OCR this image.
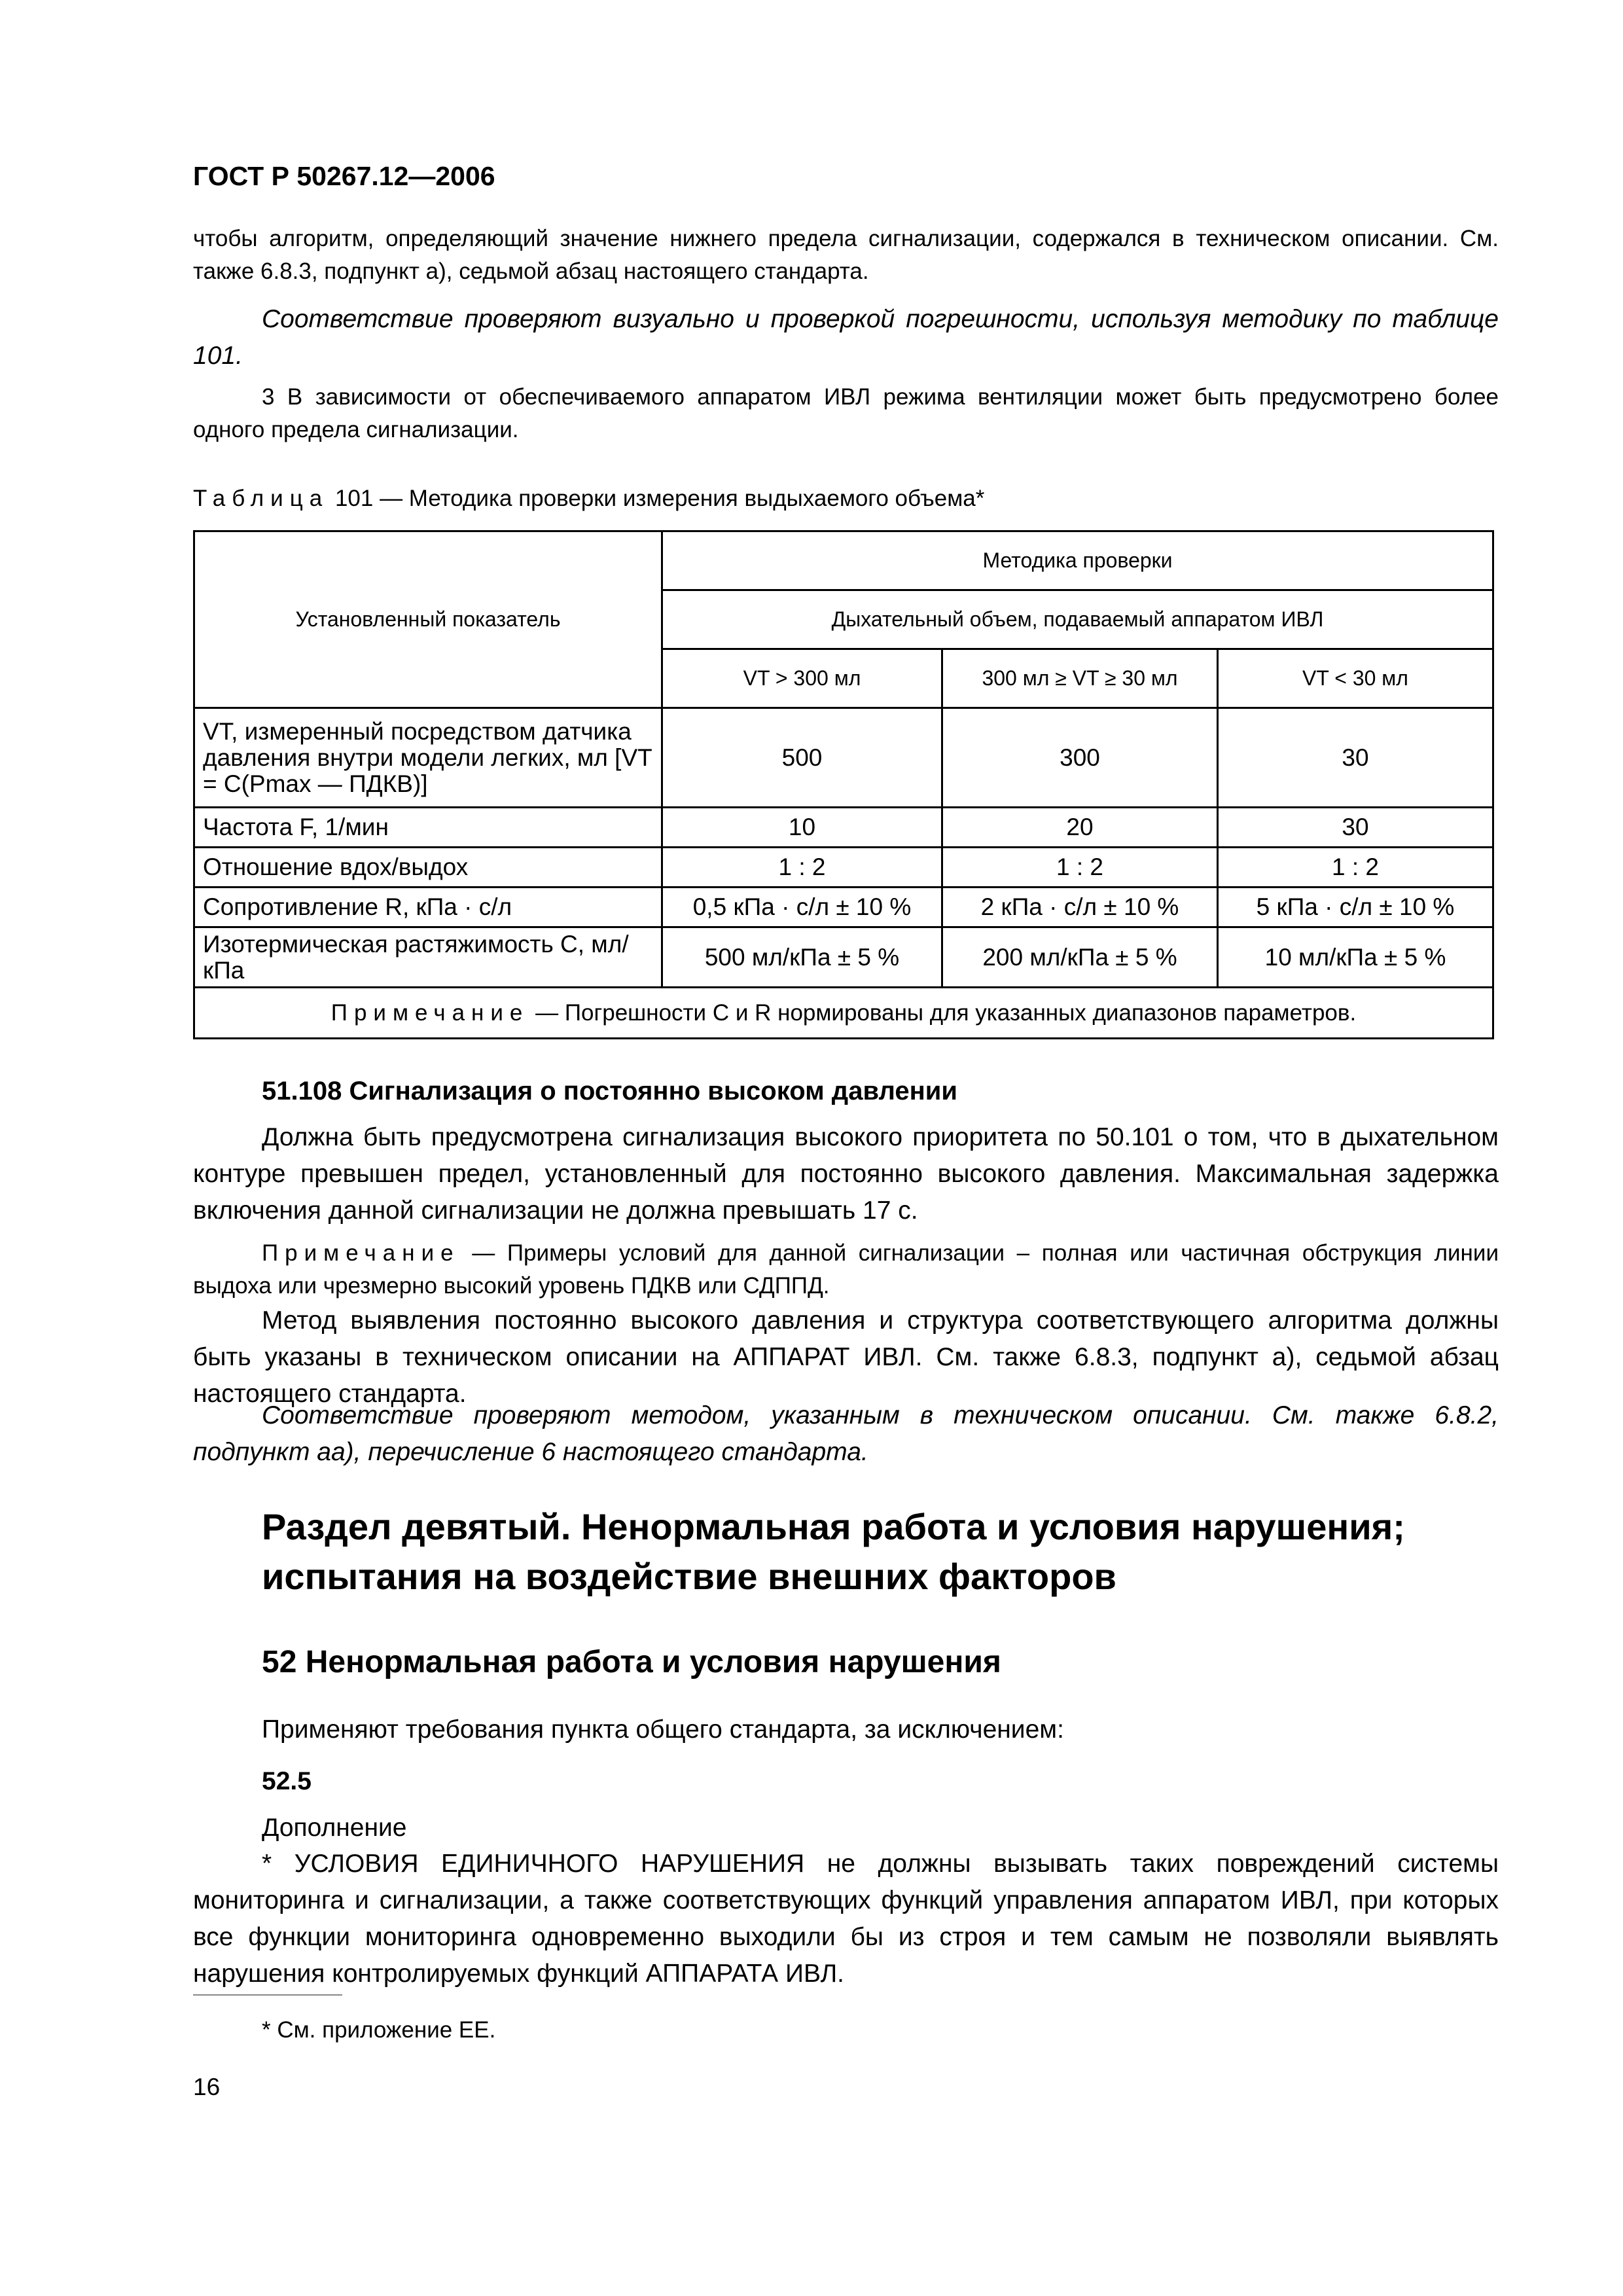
ГОСТ Р 50267.12—2006
чтобы алгоритм, определяющий значение нижнего предела сигнализации, содержался в техническом описании. См. также 6.8.3, подпункт а), седьмой абзац настоящего стандарта.
Соответствие проверяют визуально и проверкой погрешности, используя методику по таблице 101.
3 В зависимости от обеспечиваемого аппаратом ИВЛ режима вентиляции может быть предусмотрено более одного предела сигнализации.
Таблица 101 — Методика проверки измерения выдыхаемого объема*
Установленный показатель	Методика проверки		
	Дыхательный объем, подаваемый аппаратом ИВЛ		
	VT > 300 мл	300 мл ≥ VT ≥ 30 мл	VT < 30 мл
VT, измеренный посредством датчика давления внутри модели легких, мл [VT = C(Pmax — ПДКВ)]	500	300	30
Частота F, 1/мин	10	20	30
Отношение вдох/выдох	1 : 2	1 : 2	1 : 2
Сопротивление R, кПа · с/л	0,5 кПа · с/л ± 10 %	2 кПа · с/л ± 10 %	5 кПа · с/л ± 10 %
Изотермическая растяжимость C, мл/кПа	500 мл/кПа ± 5 %	200 мл/кПа ± 5 %	10 мл/кПа ± 5 %
Примечание — Погрешности C и R нормированы для указанных диапазонов параметров.			
51.108 Сигнализация о постоянно высоком давлении
Должна быть предусмотрена сигнализация высокого приоритета по 50.101 о том, что в дыхательном контуре превышен предел, установленный для постоянно высокого давления. Максимальная задержка включения данной сигнализации не должна превышать 17 с.
Примечание — Примеры условий для данной сигнализации – полная или частичная обструкция линии выдоха или чрезмерно высокий уровень ПДКВ или СДППД.
Метод выявления постоянно высокого давления и структура соответствующего алгоритма должны быть указаны в техническом описании на АППАРАТ ИВЛ. См. также 6.8.3, подпункт а), седьмой абзац настоящего стандарта.
Соответствие проверяют методом, указанным в техническом описании. См. также 6.8.2, подпункт аа), перечисление 6 настоящего стандарта.
Раздел девятый. Ненормальная работа и условия нарушения; испытания на воздействие внешних факторов
52 Ненормальная работа и условия нарушения
Применяют требования пункта общего стандарта, за исключением:
52.5
Дополнение
* УСЛОВИЯ ЕДИНИЧНОГО НАРУШЕНИЯ не должны вызывать таких повреждений системы мониторинга и сигнализации, а также соответствующих функций управления аппаратом ИВЛ, при которых все функции мониторинга одновременно выходили бы из строя и тем самым не позволяли выявлять нарушения контролируемых функций АППАРАТА ИВЛ.
* См. приложение ЕЕ.
16
